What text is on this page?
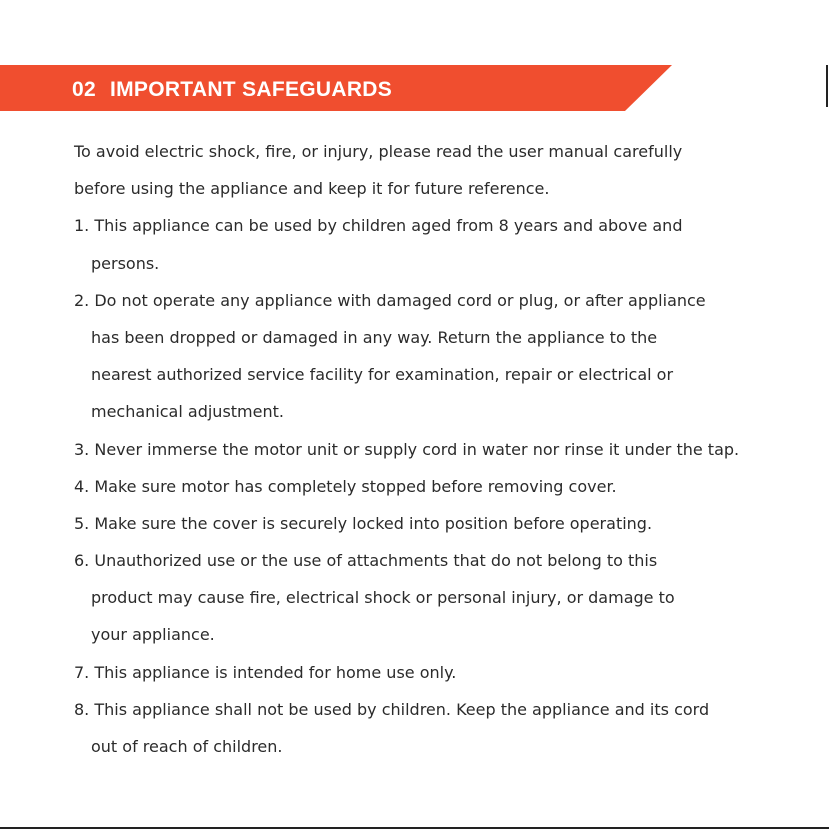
02 IMPORTANT SAFEGUARDS
To avoid electric shock, fire, or injury, please read the user manual carefully
before using the appliance and keep it for future reference.
1. This appliance can be used by children aged from 8 years and above and
persons.
2. Do not operate any appliance with damaged cord or plug, or after appliance
has been dropped or damaged in any way. Return the appliance to the
nearest authorized service facility for examination, repair or electrical or
mechanical adjustment.
3. Never immerse the motor unit or supply cord in water nor rinse it under the tap.
4. Make sure motor has completely stopped before removing cover.
5. Make sure the cover is securely locked into position before operating.
6. Unauthorized use or the use of attachments that do not belong to this
product may cause fire, electrical shock or personal injury, or damage to
your appliance.
7. This appliance is intended for home use only.
8. This appliance shall not be used by children. Keep the appliance and its cord
out of reach of children.
